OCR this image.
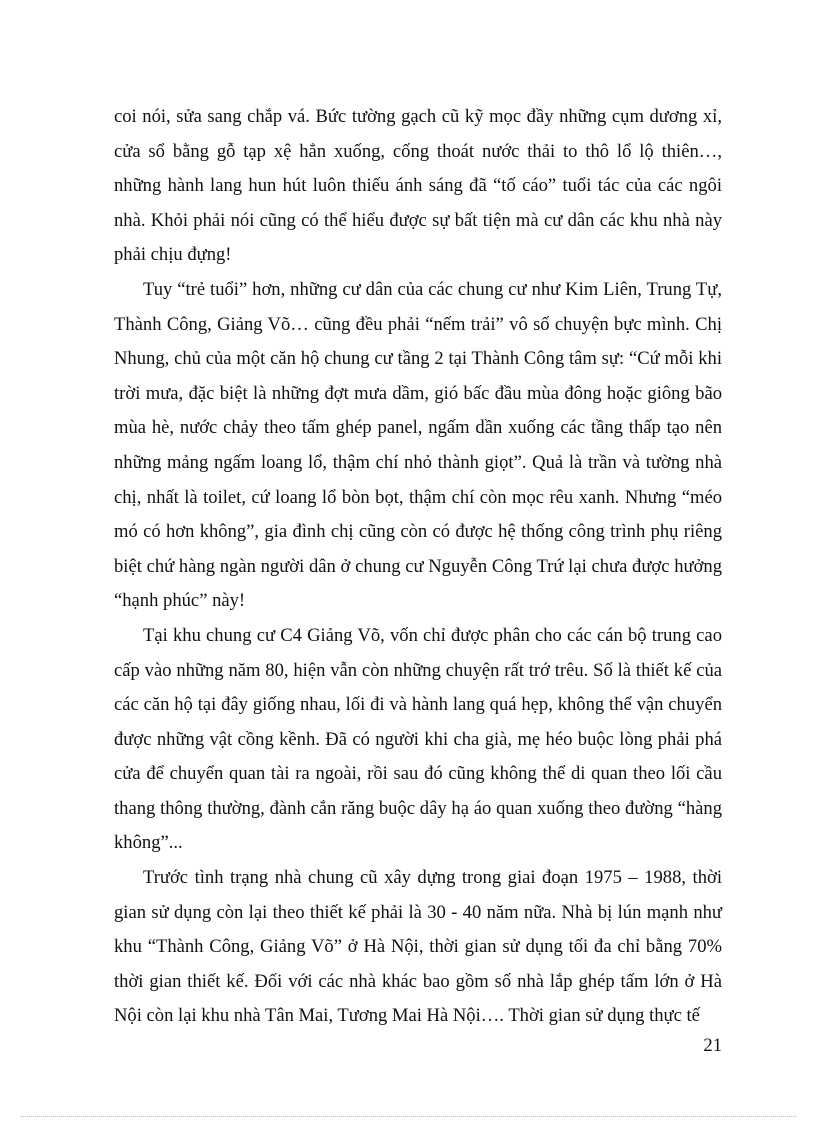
coi nói, sửa sang chắp vá. Bức tường gạch cũ kỹ mọc đầy những cụm dương xỉ, cửa sổ bằng gỗ tạp xệ hẳn xuống, cống thoát nước thải to thô lổ lộ thiên…, những hành lang hun hút luôn thiếu ánh sáng đã “tố cáo” tuổi tác của các ngôi nhà. Khỏi phải nói cũng có thể hiểu được sự bất tiện mà cư dân các khu nhà này phải chịu đựng!

Tuy “trẻ tuổi” hơn, những cư dân của các chung cư như Kim Liên, Trung Tự, Thành Công, Giảng Võ… cũng đều phải “nếm trải” vô số chuyện bực mình. Chị Nhung, chủ của một căn hộ chung cư tầng 2 tại Thành Công tâm sự: “Cứ mỗi khi trời mưa, đặc biệt là những đợt mưa dầm, gió bấc đầu mùa đông hoặc giông bão mùa hè, nước chảy theo tấm ghép panel, ngấm dần xuống các tầng thấp tạo nên những mảng ngấm loang lổ, thậm chí nhỏ thành giọt”. Quả là trần và tường nhà chị, nhất là toilet, cứ loang lổ bòn bọt, thậm chí còn mọc rêu xanh. Nhưng “méo mó có hơn không”, gia đình chị cũng còn có được hệ thống công trình phụ riêng biệt chứ hàng ngàn người dân ở chung cư Nguyễn Công Trứ lại chưa được hưởng “hạnh phúc” này!

Tại khu chung cư C4 Giảng Võ, vốn chỉ được phân cho các cán bộ trung cao cấp vào những năm 80, hiện vẫn còn những chuyện rất trớ trêu. Số là thiết kế của các căn hộ tại đây giống nhau, lối đi và hành lang quá hẹp, không thể vận chuyển được những vật cồng kềnh. Đã có người khi cha già, mẹ héo buộc lòng phải phá cửa để chuyển quan tài ra ngoài, rồi sau đó cũng không thể di quan theo lối cầu thang thông thường, đành cắn răng buộc dây hạ áo quan xuống theo đường “hàng không”...

Trước tình trạng nhà chung cũ xây dựng trong giai đoạn 1975 – 1988, thời gian sử dụng còn lại theo thiết kế phải là 30 - 40 năm nữa. Nhà bị lún mạnh như khu “Thành Công, Giảng Võ” ở Hà Nội, thời gian sử dụng tối đa chỉ bằng 70% thời gian thiết kế. Đối với các nhà khác bao gồm số nhà lắp ghép tấm lớn ở Hà Nội còn lại khu nhà Tân Mai, Tương Mai Hà Nội…. Thời gian sử dụng thực tế

21
